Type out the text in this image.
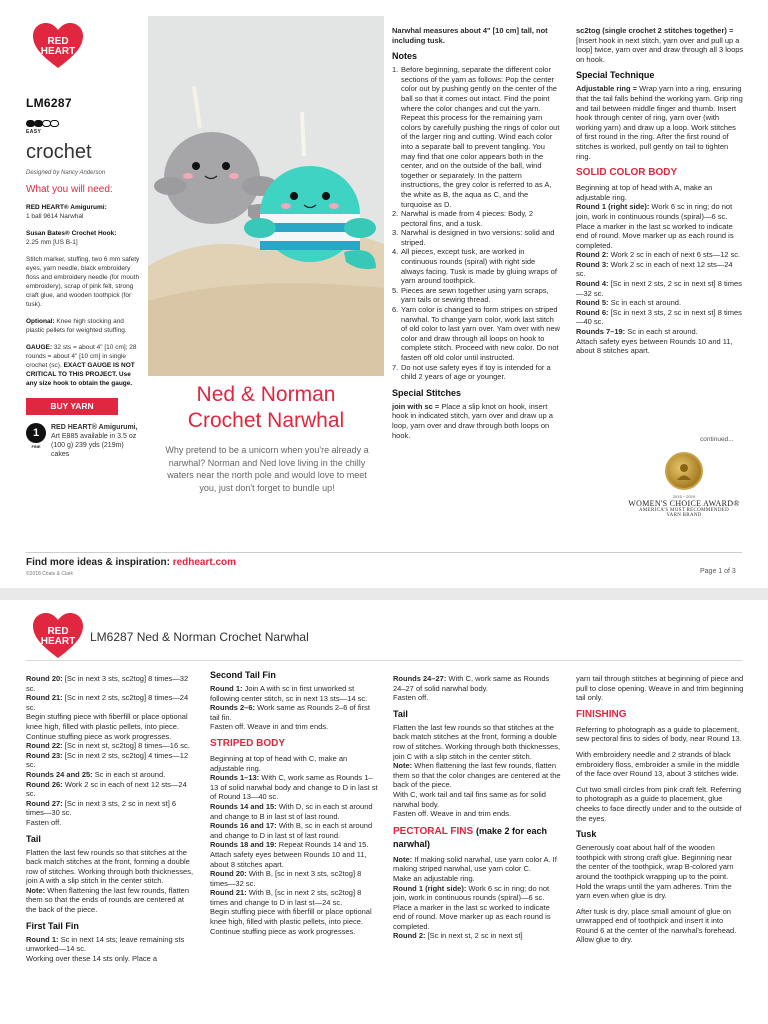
RED
HEART
LM6287
EASY
crochet
Designed by Nancy Anderson
What you will need:
RED HEART® Amigurumi:
1 ball 9614 Narwhal
Susan Bates® Crochet Hook:
2.25 mm [US B-1]
Stitch marker, stuffing, two 6 mm safety eyes, yarn needle, black embroidery floss and embroidery needle (for mouth embroidery), scrap of pink felt, strong craft glue, and wooden toothpick (for tusk).
Optional: Knee high stocking and plastic pellets for weighted stuffing.
GAUGE: 32 sts = about 4" [10 cm]; 28 rounds = about 4" [10 cm] in single crochet (sc). EXACT GAUGE IS NOT CRITICAL TO THIS PROJECT. Use any size hook to obtain the gauge.
BUY YARN
1
FINE
RED HEART® Amigurumi, Art E885 available in 3.5 oz (100 g) 239 yds (219m) cakes
Ned & Norman
Crochet Narwhal
Why pretend to be a unicorn when you're already a narwhal? Norman and Ned love living in the chilly waters near the north pole and would love to meet you, just don't forget to bundle up!

Narwhal measures about 4" [10 cm] tall, not including tusk.

Notes
1. Before beginning, separate the different color sections of the yarn as follows: Pop the center color out by pushing gently on the center of the ball so that it comes out intact. Find the point where the color changes and cut the yarn. Repeat this process for the remaining yarn colors by carefully pushing the rings of color out of the larger ring and cutting. Wind each color into a separate ball to prevent tangling. You may find that one color appears both in the center, and on the outside of the ball, wind together or separately. In the pattern instructions, the grey color is referred to as A, the white as B, the aqua as C, and the turquoise as D.
2. Narwhal is made from 4 pieces: Body, 2 pectoral fins, and a tusk.
3. Narwhal is designed in two versions: solid and striped.
4. All pieces, except tusk, are worked in continuous rounds (spiral) with right side always facing. Tusk is made by gluing wraps of yarn around toothpick.
5. Pieces are sewn together using yarn scraps, yarn tails or sewing thread.
6. Yarn color is changed to form stripes on striped narwhal. To change yarn color, work last stitch of old color to last yarn over. Yarn over with new color and draw through all loops on hook to complete stitch. Proceed with new color. Do not fasten off old color until instructed.
7. Do not use safety eyes if toy is intended for a child 2 years of age or younger.
Special Stitches

join with sc = Place a slip knot on hook, insert hook in indicated stitch, yarn over and draw up a loop, yarn over and draw through both loops on hook.

sc2tog (single crochet 2 stitches together) = [Insert hook in next stitch, yarn over and pull up a loop] twice, yarn over and draw through all 3 loops on hook.

Special Technique

Adjustable ring = Wrap yarn into a ring, ensuring that the tail falls behind the working yarn. Grip ring and tail between middle finger and thumb. Insert hook through center of ring, yarn over (with working yarn) and draw up a loop. Work stitches of first round in the ring. After the first round of stitches is worked, pull gently on tail to tighten ring.

SOLID COLOR BODY

Beginning at top of head with A, make an adjustable ring.

Round 1 (right side): Work 6 sc in ring; do not join, work in continuous rounds (spiral)—6 sc.

Place a marker in the last sc worked to indicate end of round. Move marker up as each round is completed.

Round 2: Work 2 sc in each of next 6 sts—12 sc.

Round 3: Work 2 sc in each of next 12 sts—24 sc.

Round 4: [Sc in next 2 sts, 2 sc in next st] 8 times—32 sc.

Round 5: Sc in each st around.

Round 6: [Sc in next 3 sts, 2 sc in next st] 8 times—40 sc.

Rounds 7–19: Sc in each st around.

Attach safety eyes between Rounds 10 and 11, about 8 stitches apart.

continued...
2015 ~ 2019
WOMEN'S CHOICE AWARD®
AMERICA'S MOST RECOMMENDED
YARN BRAND
Find more ideas & inspiration: redheart.com
©2018 Coats & Clark	Page 1 of 3
RED
HEART LM6287 Ned & Norman Crochet Narwhal

Round 20: [Sc in next 3 sts, sc2tog] 8 times—32 sc.

Round 21: [Sc in next 2 sts, sc2tog] 8 times—24 sc.

Begin stuffing piece with fiberfill or place optional knee high, filled with plastic pellets, into piece. Continue stuffing piece as work progresses.

Round 22: [Sc in next st, sc2tog] 8 times—16 sc.

Round 23: [Sc in next 2 sts, sc2tog] 4 times—12 sc.

Rounds 24 and 25: Sc in each st around.

Round 26: Work 2 sc in each of next 12 sts—24 sc.

Round 27: [Sc in next 3 sts, 2 sc in next st] 6 times—30 sc.

Fasten off.

Tail

Flatten the last few rounds so that stitches at the back match stitches at the front, forming a double row of stitches. Working through both thicknesses, join A with a slip stitch in the center stitch.

Note: When flattening the last few rounds, flatten them so that the ends of rounds are centered at the back of the piece.

First Tail Fin

Round 1: Sc in next 14 sts; leave remaining sts unworked—14 sc.

Working over these 14 sts only. Place a

Second Tail Fin

Round 1: Join A with sc in first unworked st following center stitch, sc in next 13 sts—14 sc.

Rounds 2–6: Work same as Rounds 2–6 of first tail fin.

Fasten off. Weave in and trim ends.

STRIPED BODY

Beginning at top of head with C, make an adjustable ring.

Rounds 1–13: With C, work same as Rounds 1–13 of solid narwhal body and change to D in last st of Round 13—40 sc.

Rounds 14 and 15: With D, sc in each st around and change to B in last st of last round.

Rounds 16 and 17: With B, sc in each st around and change to D in last st of last round.

Rounds 18 and 19: Repeat Rounds 14 and 15.

Attach safety eyes between Rounds 10 and 11, about 8 stitches apart.

Round 20: With B, [sc in next 3 sts, sc2tog] 8 times—32 sc.

Round 21: With B, [sc in next 2 sts, sc2tog] 8 times and change to D in last st—24 sc.

Begin stuffing piece with fiberfill or place optional knee high, filled with plastic pellets, into piece. Continue stuffing piece as work progresses.

Rounds 24–27: With C, work same as Rounds 24–27 of solid narwhal body.

Fasten off.

Tail

Flatten the last few rounds so that stitches at the back match stitches at the front, forming a double row of stitches. Working through both thicknesses, join C with a slip stitch in the center stitch.

Note: When flattening the last few rounds, flatten them so that the color changes are centered at the back of the piece.

With C, work tail and tail fins same as for solid narwhal body.

Fasten off. Weave in and trim ends.

PECTORAL FINS (make 2 for each narwhal)

Note: If making solid narwhal, use yarn color A. If making striped narwhal, use yarn color C.

Make an adjustable ring.

Round 1 (right side): Work 6 sc in ring; do not join, work in continuous rounds (spiral)—6 sc.

Place a marker in the last sc worked to indicate end of round. Move marker up as each round is completed.

Round 2: [Sc in next st, 2 sc in next st]

yarn tail through stitches at beginning of piece and pull to close opening. Weave in and trim beginning tail only.

FINISHING

Referring to photograph as a guide to placement, sew pectoral fins to sides of body, near Round 13.

With embroidery needle and 2 strands of black embroidery floss, embroider a smile in the middle of the face over Round 13, about 3 stitches wide.

Cut two small circles from pink craft felt. Referring to photograph as a guide to placement, glue cheeks to face directly under and to the outside of the eyes.

Tusk

Generously coat about half of the wooden toothpick with strong craft glue. Beginning near the center of the toothpick, wrap B-colored yarn around the toothpick wrapping up to the point. Hold the wraps until the yarn adheres. Trim the yarn even when glue is dry.

After tusk is dry, place small amount of glue on unwrapped end of toothpick and insert it into Round 6 at the center of the narwhal's forehead. Allow glue to dry.
